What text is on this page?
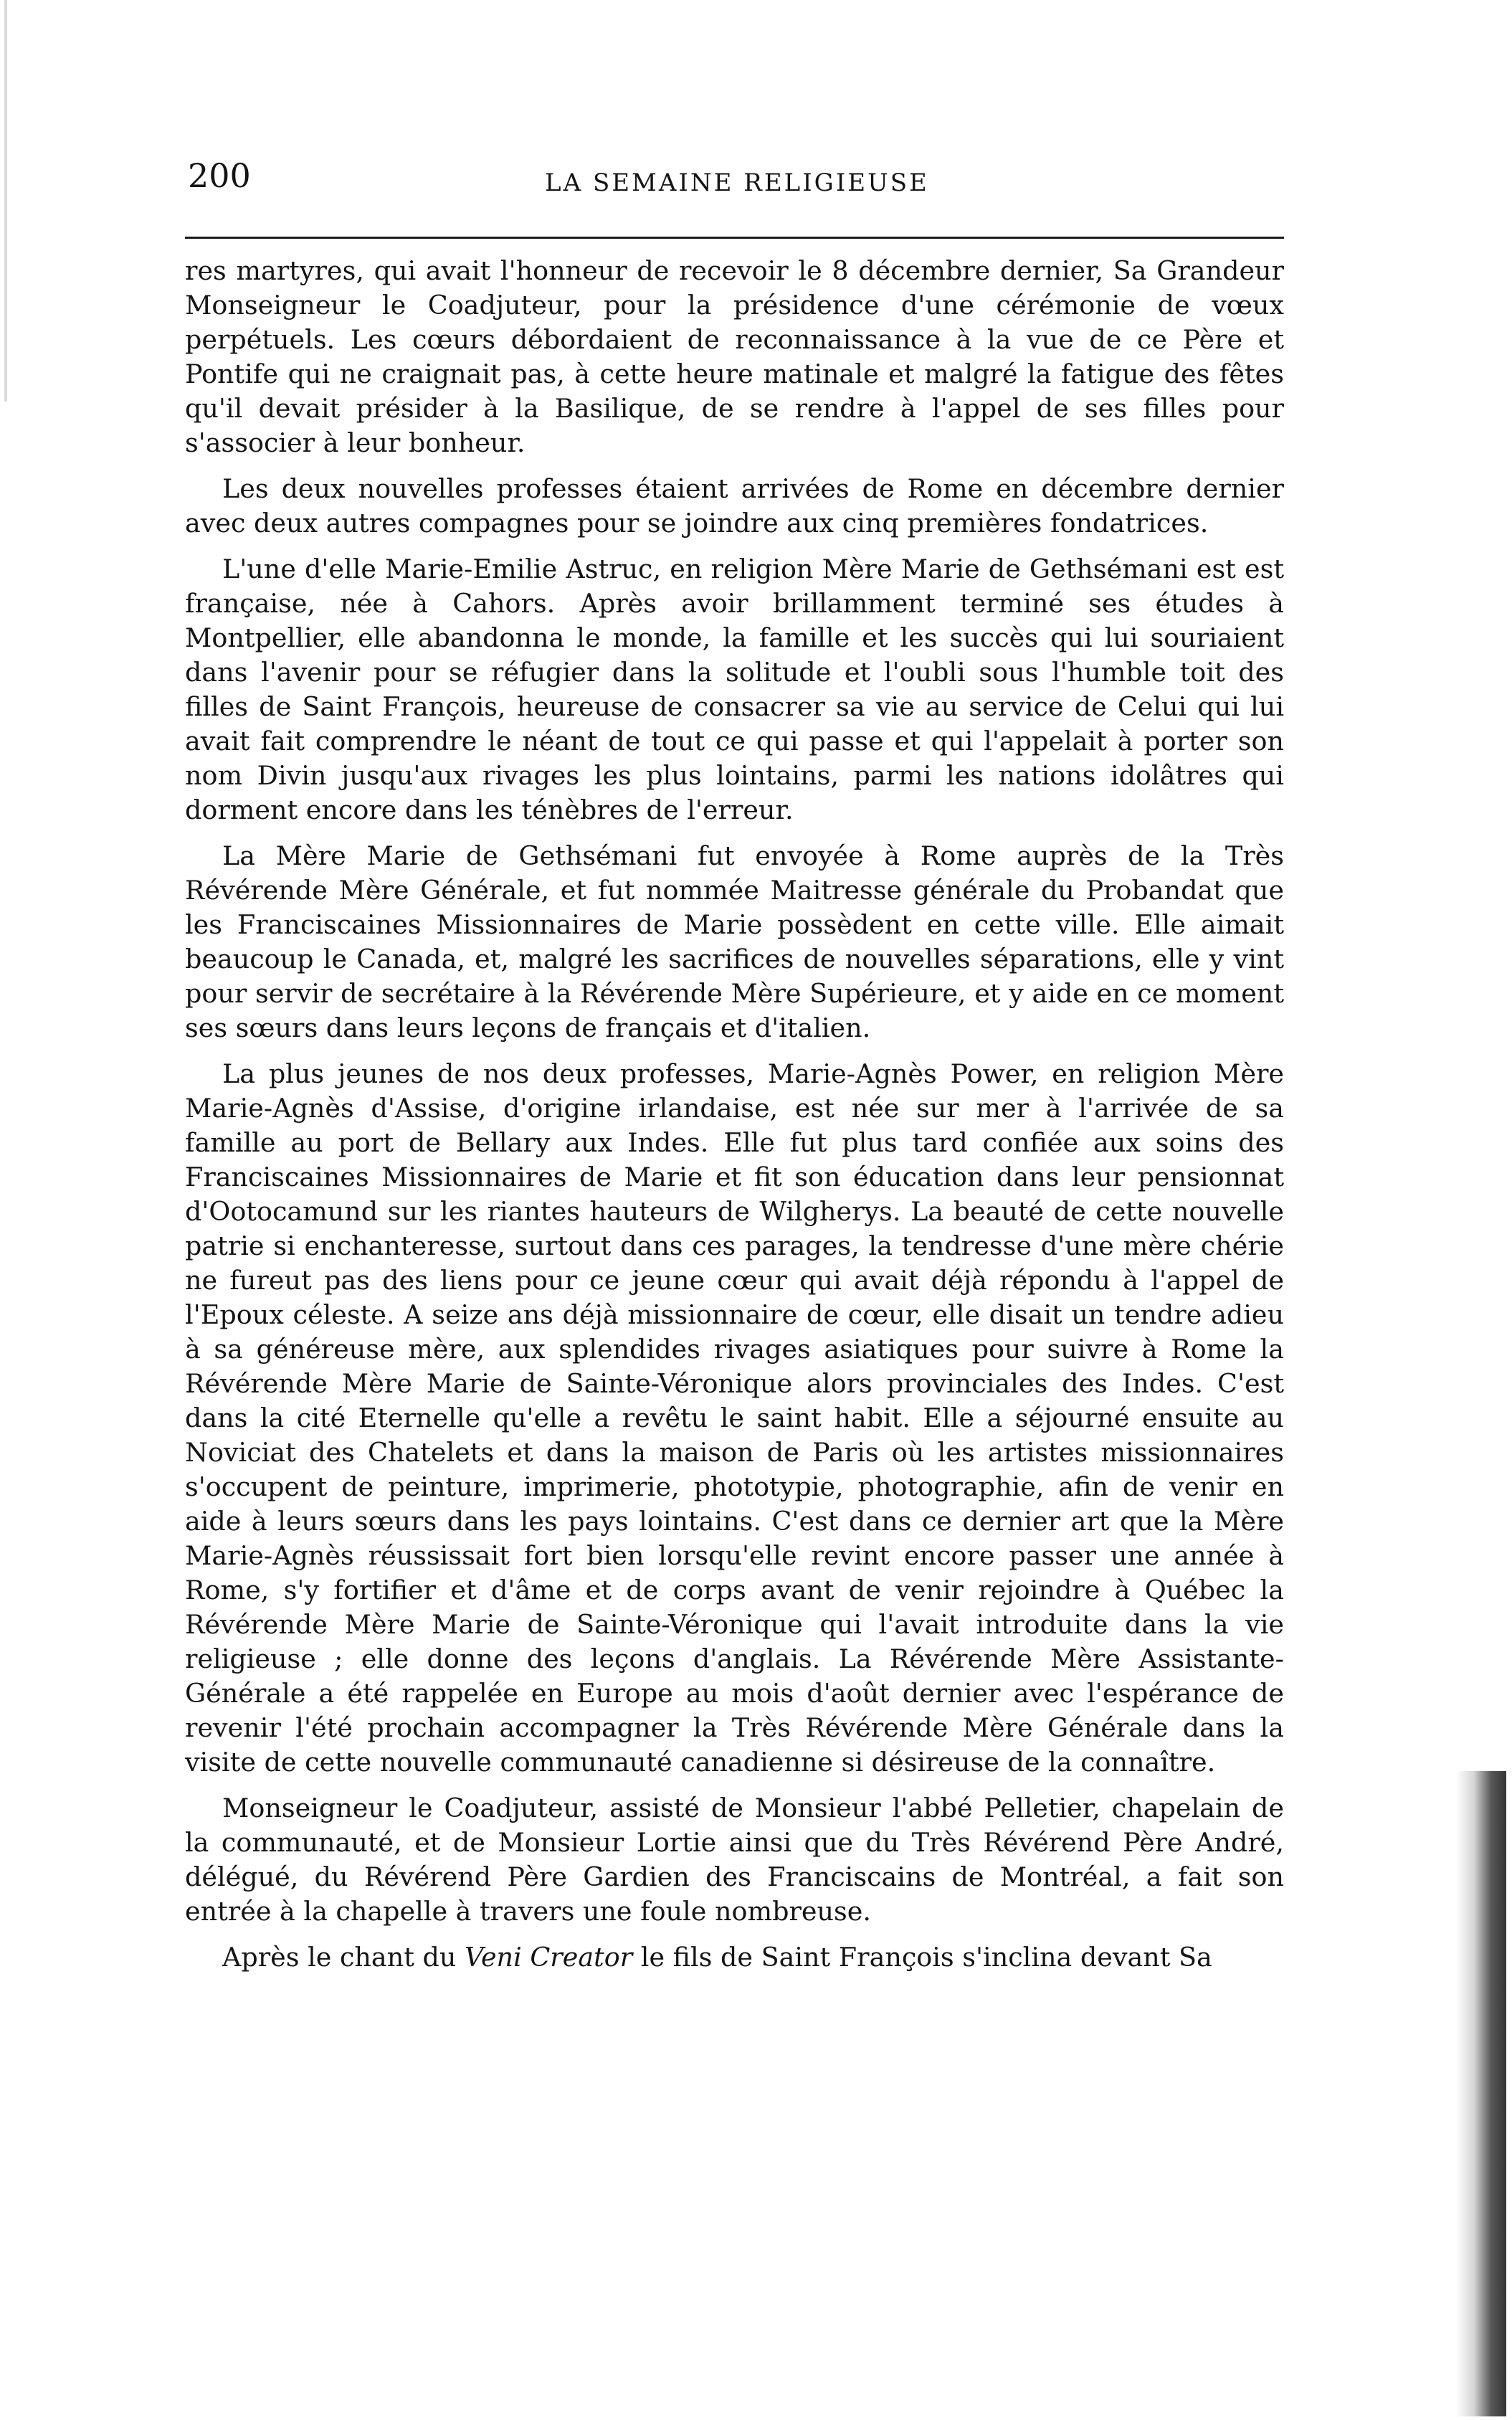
200	LA SEMAINE RELIGIEUSE

res martyres, qui avait l'honneur de recevoir le 8 décembre dernier, Sa Grandeur Monseigneur le Coadjuteur, pour la présidence d'une cérémonie de vœux perpétuels. Les cœurs débordaient de reconnaissance à la vue de ce Père et Pontife qui ne craignait pas, à cette heure matinale et malgré la fatigue des fêtes qu'il devait présider à la Basilique, de se rendre à l'appel de ses filles pour s'associer à leur bonheur.

Les deux nouvelles professes étaient arrivées de Rome en décembre dernier avec deux autres compagnes pour se joindre aux cinq premières fondatrices.

L'une d'elle Marie-Emilie Astruc, en religion Mère Marie de Gethsémani est est française, née à Cahors. Après avoir brillamment terminé ses études à Montpellier, elle abandonna le monde, la famille et les succès qui lui souriaient dans l'avenir pour se réfugier dans la solitude et l'oubli sous l'humble toit des filles de Saint François, heureuse de consacrer sa vie au service de Celui qui lui avait fait comprendre le néant de tout ce qui passe et qui l'appelait à porter son nom Divin jusqu'aux rivages les plus lointains, parmi les nations idolâtres qui dorment encore dans les ténèbres de l'erreur.

La Mère Marie de Gethsémani fut envoyée à Rome auprès de la Très Révérende Mère Générale, et fut nommée Maitresse générale du Probandat que les Franciscaines Missionnaires de Marie possèdent en cette ville. Elle aimait beaucoup le Canada, et, malgré les sacrifices de nouvelles séparations, elle y vint pour servir de secrétaire à la Révérende Mère Supérieure, et y aide en ce moment ses sœurs dans leurs leçons de français et d'italien.

La plus jeunes de nos deux professes, Marie-Agnès Power, en religion Mère Marie-Agnès d'Assise, d'origine irlandaise, est née sur mer à l'arrivée de sa famille au port de Bellary aux Indes. Elle fut plus tard confiée aux soins des Franciscaines Missionnaires de Marie et fit son éducation dans leur pensionnat d'Ootocamund sur les riantes hauteurs de Wilgherys. La beauté de cette nouvelle patrie si enchanteresse, surtout dans ces parages, la tendresse d'une mère chérie ne fureut pas des liens pour ce jeune cœur qui avait déjà répondu à l'appel de l'Epoux céleste. A seize ans déjà missionnaire de cœur, elle disait un tendre adieu à sa généreuse mère, aux splendides rivages asiatiques pour suivre à Rome la Révérende Mère Marie de Sainte-Véronique alors provinciales des Indes. C'est dans la cité Eternelle qu'elle a revêtu le saint habit. Elle a séjourné ensuite au Noviciat des Chatelets et dans la maison de Paris où les artistes missionnaires s'occupent de peinture, imprimerie, phototypie, photographie, afin de venir en aide à leurs sœurs dans les pays lointains. C'est dans ce dernier art que la Mère Marie-Agnès réussissait fort bien lorsqu'elle revint encore passer une année à Rome, s'y fortifier et d'âme et de corps avant de venir rejoindre à Québec la Révérende Mère Marie de Sainte-Véronique qui l'avait introduite dans la vie religieuse ; elle donne des leçons d'anglais. La Révérende Mère Assistante-Générale a été rappelée en Europe au mois d'août dernier avec l'espérance de revenir l'été prochain accompagner la Très Révérende Mère Générale dans la visite de cette nouvelle communauté canadienne si désireuse de la connaître.

Monseigneur le Coadjuteur, assisté de Monsieur l'abbé Pelletier, chapelain de la communauté, et de Monsieur Lortie ainsi que du Très Révérend Père André, délégué, du Révérend Père Gardien des Franciscains de Montréal, a fait son entrée à la chapelle à travers une foule nombreuse.

Après le chant du Veni Creator le fils de Saint François s'inclina devant Sa
